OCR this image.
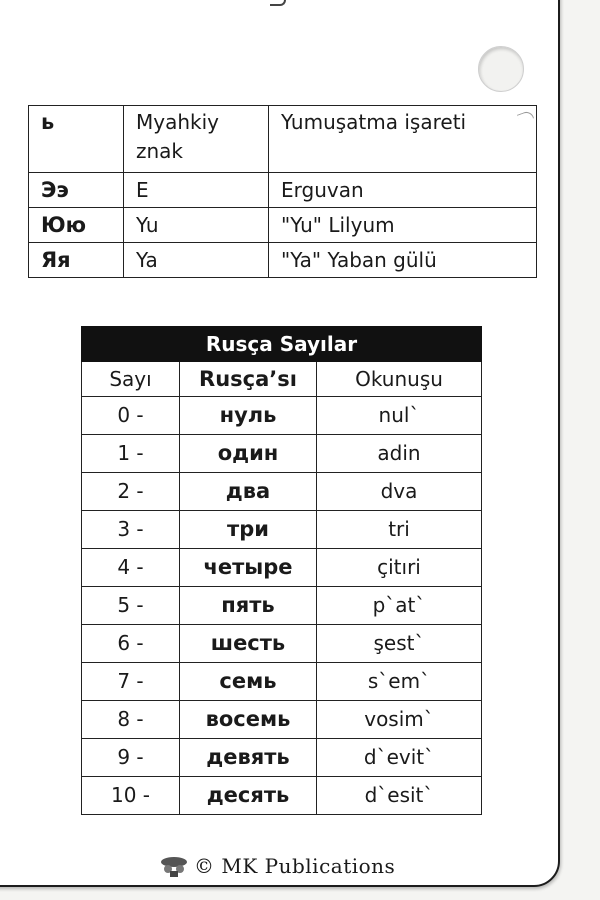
ь	Myahkiy znak	Yumuşatma işareti
Ээ	E	Erguvan
Юю	Yu	"Yu" Lilyum
Яя	Ya	"Ya" Yaban gülü
Rusça Sayılar		
Sayı	Rusça’sı	Okunuşu
0 -	нуль	nul`
1 -	один	adin
2 -	два	dva
3 -	три	tri
4 -	четыре	çitıri
5 -	пять	p`at`
6 -	шесть	şest`
7 -	семь	s`em`
8 -	восемь	vosim`
9 -	девять	d`evit`
10 -	десять	d`esit`
© MK Publications
